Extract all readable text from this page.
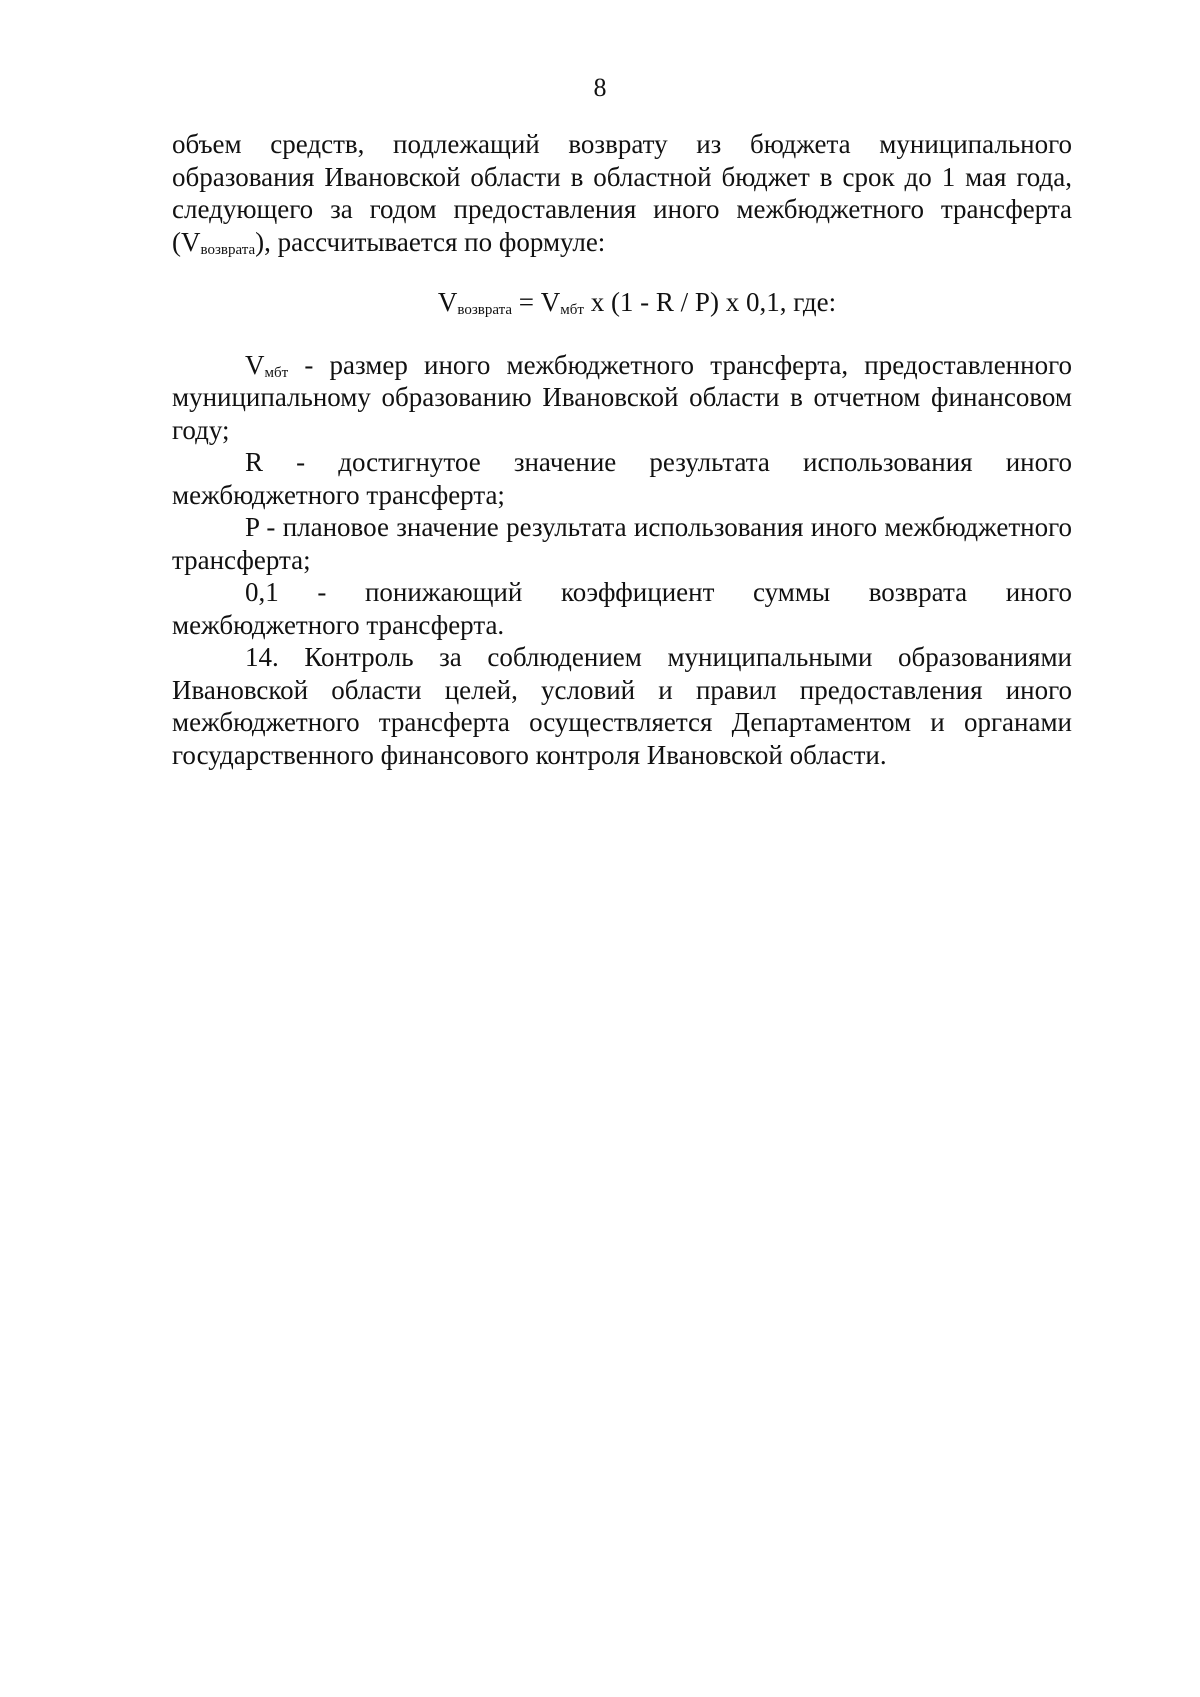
8

объем средств, подлежащий возврату из бюджета муниципального образования Ивановской области в областной бюджет в срок до 1 мая года, следующего за годом предоставления иного межбюджетного трансферта $(V_{возврата})$, рассчитывается по формуле:

$V_{возврата} = V_{мбт}$ x (1 - R / P) x 0,1, где:

$V_{мбт}$ - размер иного межбюджетного трансферта, предоставленного муниципальному образованию Ивановской области в отчетном финансовом году;

R - достигнутое значение результата использования иного межбюджетного трансферта;

P - плановое значение результата использования иного межбюджетного трансферта;

0,1 - понижающий коэффициент суммы возврата иного межбюджетного трансферта.

14. Контроль за соблюдением муниципальными образованиями Ивановской области целей, условий и правил предоставления иного межбюджетного трансферта осуществляется Департаментом и органами государственного финансового контроля Ивановской области.
